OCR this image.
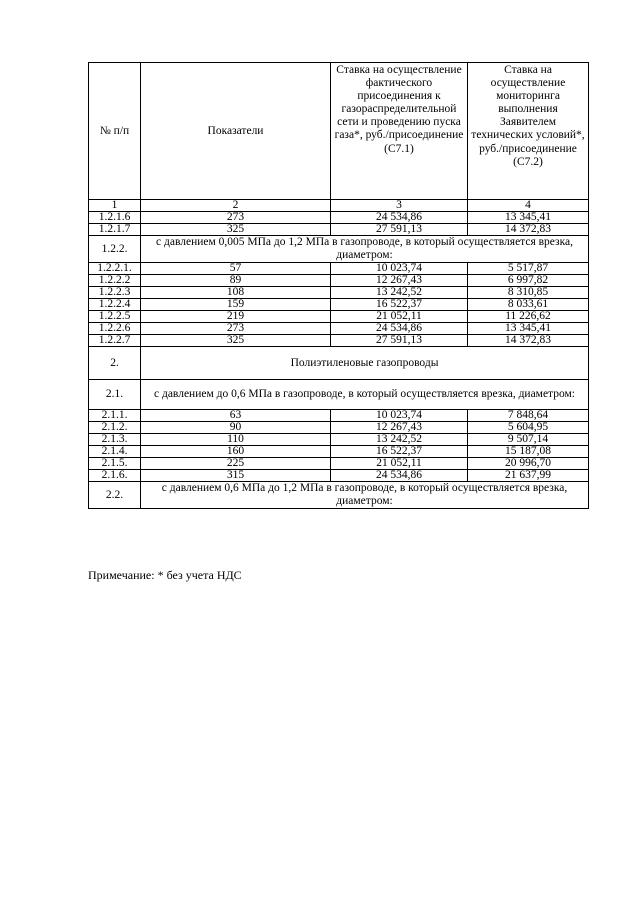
№ п/п	Показатели	Ставка на осуществление фактического присоединения к газораспределительной сети и проведению пуска газа*, руб./присоединение (С7.1)	Ставка на осуществление мониторинга выполнения Заявителем технических условий*, руб./присоединение (С7.2)
1	2	3	4
1.2.1.6	273	24 534,86	13 345,41
1.2.1.7	325	27 591,13	14 372,83
1.2.2.	с давлением 0,005 МПа до 1,2 МПа в газопроводе, в который осуществляется врезка, диаметром:		
1.2.2.1.	57	10 023,74	5 517,87
1.2.2.2	89	12 267,43	6 997,82
1.2.2.3	108	13 242,52	8 310,85
1.2.2.4	159	16 522,37	8 033,61
1.2.2.5	219	21 052,11	11 226,62
1.2.2.6	273	24 534,86	13 345,41
1.2.2.7	325	27 591,13	14 372,83
2.	Полиэтиленовые газопроводы		
2.1.	с давлением до 0,6 МПа в газопроводе, в который осуществляется врезка, диаметром:		
2.1.1.	63	10 023,74	7 848,64
2.1.2.	90	12 267,43	5 604,95
2.1.3.	110	13 242,52	9 507,14
2.1.4.	160	16 522,37	15 187,08
2.1.5.	225	21 052,11	20 996,70
2.1.6.	315	24 534,86	21 637,99
2.2.	с давлением 0,6 МПа до 1,2 МПа в газопроводе, в который осуществляется врезка, диаметром:		
Примечание: * без учета НДС
